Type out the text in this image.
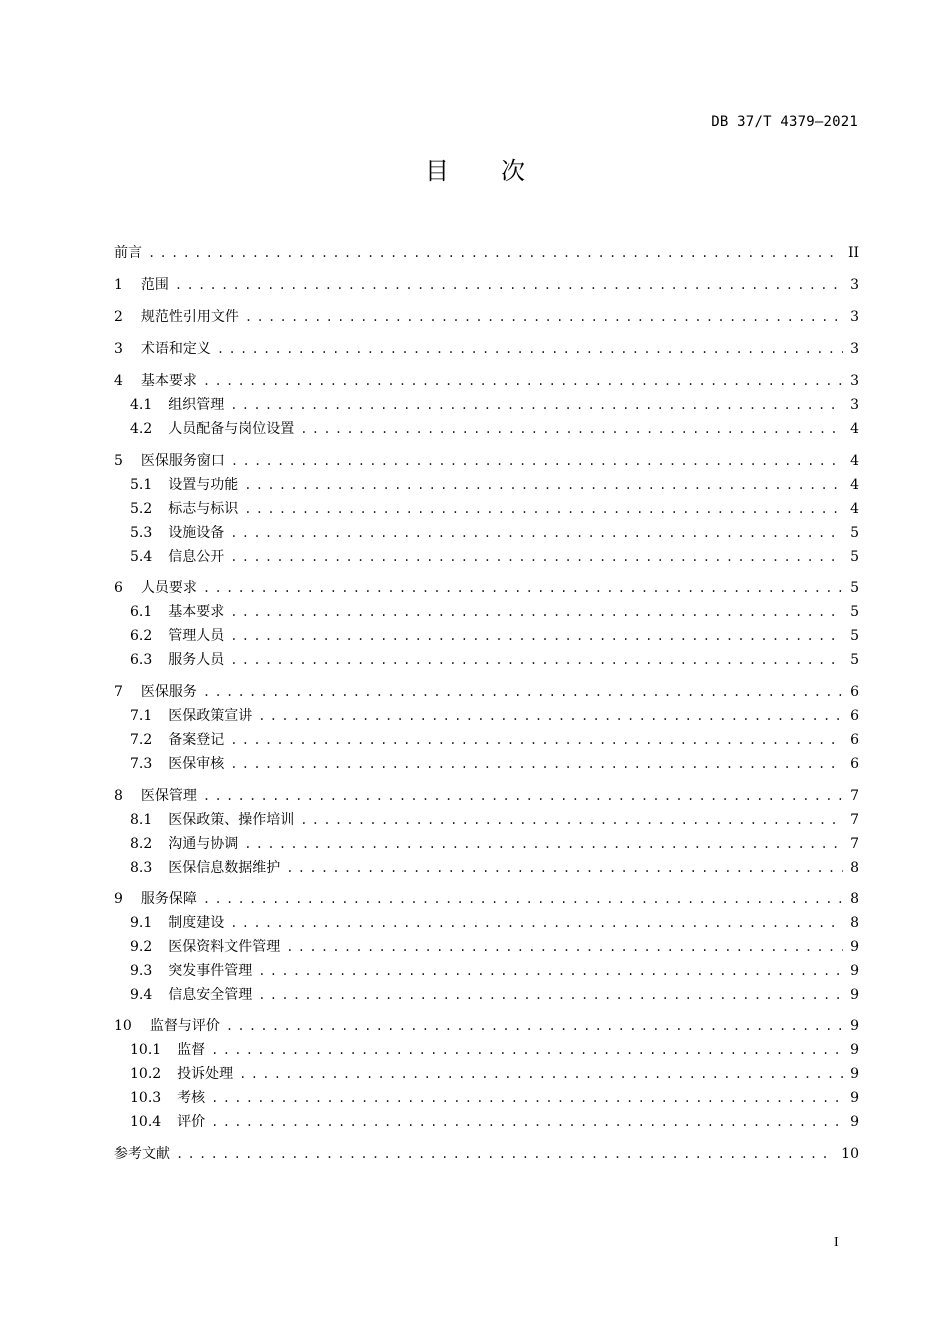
DB 37/T 4379—2021
目次
前言 .....	II
1 范围 .....	3
2 规范性引用文件 .....	3
3 术语和定义 .....	3
4 基本要求 .....	3
4.1 组织管理 .....	3
4.2 人员配备与岗位设置 .....	4
5 医保服务窗口 .....	4
5.1 设置与功能 .....	4
5.2 标志与标识 .....	4
5.3 设施设备 .....	5
5.4 信息公开 .....	5
6 人员要求 .....	5
6.1 基本要求 .....	5
6.2 管理人员 .....	5
6.3 服务人员 .....	5
7 医保服务 .....	6
7.1 医保政策宣讲 .....	6
7.2 备案登记 .....	6
7.3 医保审核 .....	6
8 医保管理 .....	7
8.1 医保政策、操作培训 .....	7
8.2 沟通与协调 .....	7
8.3 医保信息数据维护 .....	8
9 服务保障 .....	8
9.1 制度建设 .....	8
9.2 医保资料文件管理 .....	9
9.3 突发事件管理 .....	9
9.4 信息安全管理 .....	9
10 监督与评价 .....	9
10.1 监督 .....	9
10.2 投诉处理 .....	9
10.3 考核 .....	9
10.4 评价 .....	9
参考文献 .....	10
I
